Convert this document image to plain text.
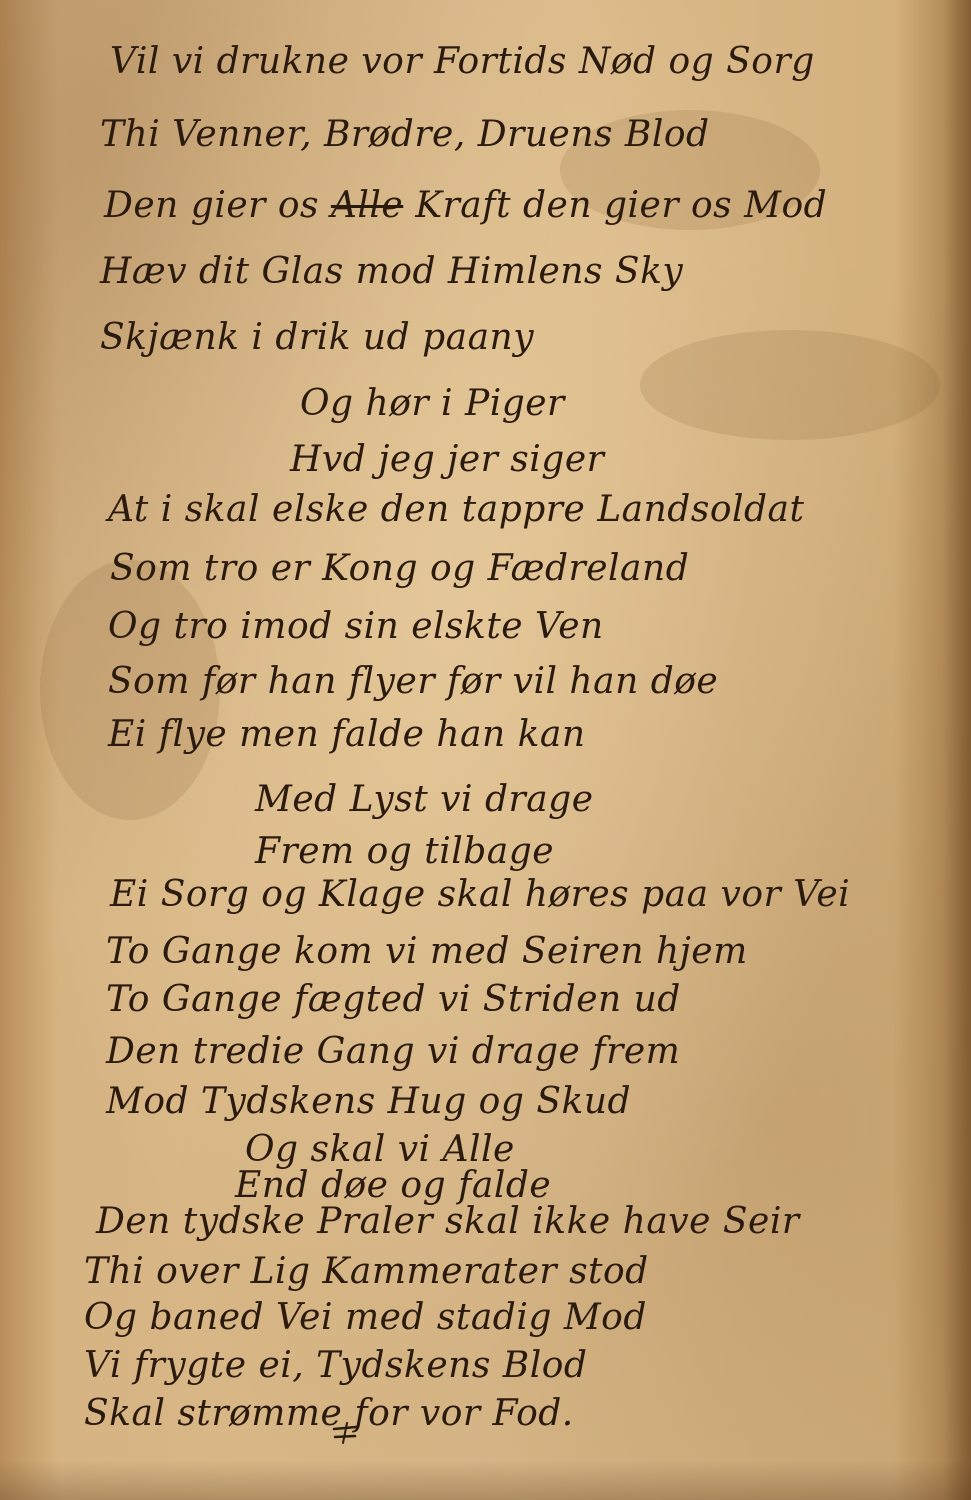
Vil vi drukne vor Fortids Nød og Sorg

Thi Venner, Brødre, Druens Blod

Den gier os Alle Kraft den gier os Mod

Hæv dit Glas mod Himlens Sky

Skjænk i drik ud paany

Og hør i Piger

Hvd jeg jer siger

At i skal elske den tappre Landsoldat

Som tro er Kong og Fædreland

Og tro imod sin elskte Ven

Som før han flyer før vil han døe

Ei flye men falde han kan

Med Lyst vi drage

Frem og tilbage

Ei Sorg og Klage skal høres paa vor Vei

To Gange kom vi med Seiren hjem

To Gange fægted vi Striden ud

Den tredie Gang vi drage frem

Mod Tydskens Hug og Skud

Og skal vi Alle

End døe og falde

Den tydske Praler skal ikke have Seir

Thi over Lig Kammerater stod

Og baned Vei med stadig Mod

Vi frygte ei, Tydskens Blod

Skal strømme for vor Fod.
